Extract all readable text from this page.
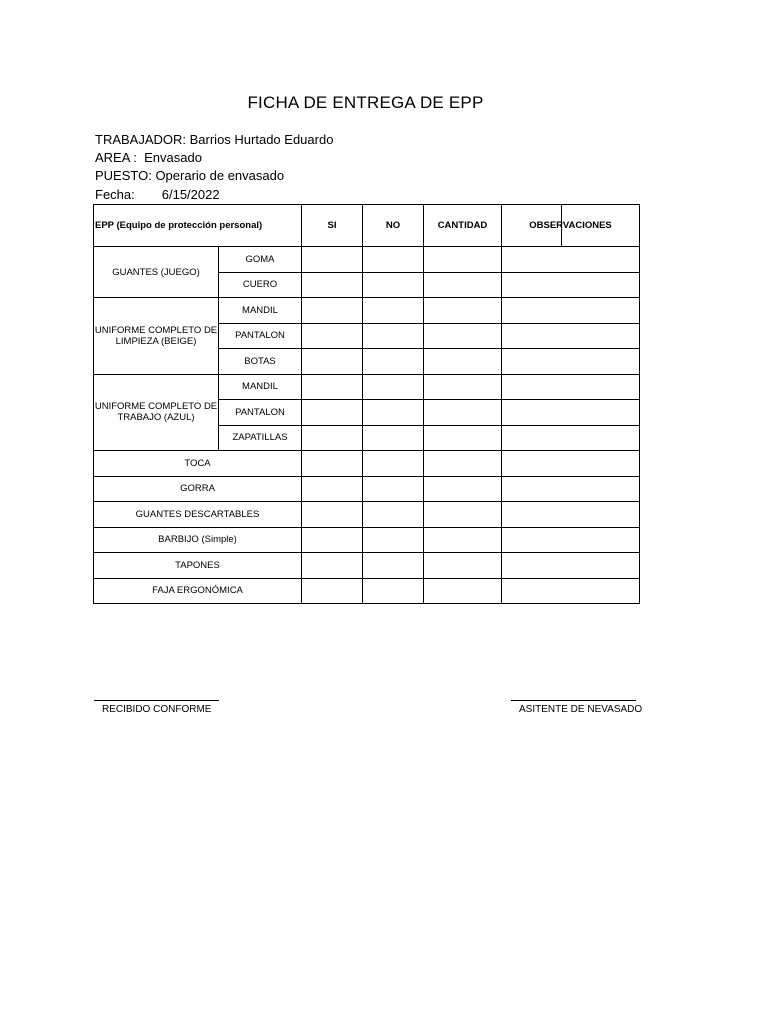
FICHA DE ENTREGA DE EPP
TRABAJADOR: Barrios Hurtado Eduardo
AREA :  Envasado
PUESTO: Operario de envasado
Fecha: 6/15/2022
EPP (Equipo de protección personal)		SI	NO	CANTIDAD	OBSERVACIONES
GUANTES (JUEGO)	GOMA				
	CUERO				
UNIFORME COMPLETO DE LIMPIEZA (BEIGE)	MANDIL				
	PANTALON	

	BOTAS				
UNIFORME COMPLETO DE TRABAJO (AZUL)	MANDIL				
	PANTALON				
	ZAPATILLAS				
TOCA					
GORRA					
GUANTES DESCARTABLES					
BARBIJO (Simple)					
TAPONES					
FAJA ERGONÓMICA					
RECIBIDO CONFORME	ASITENTE DE NEVASADO
